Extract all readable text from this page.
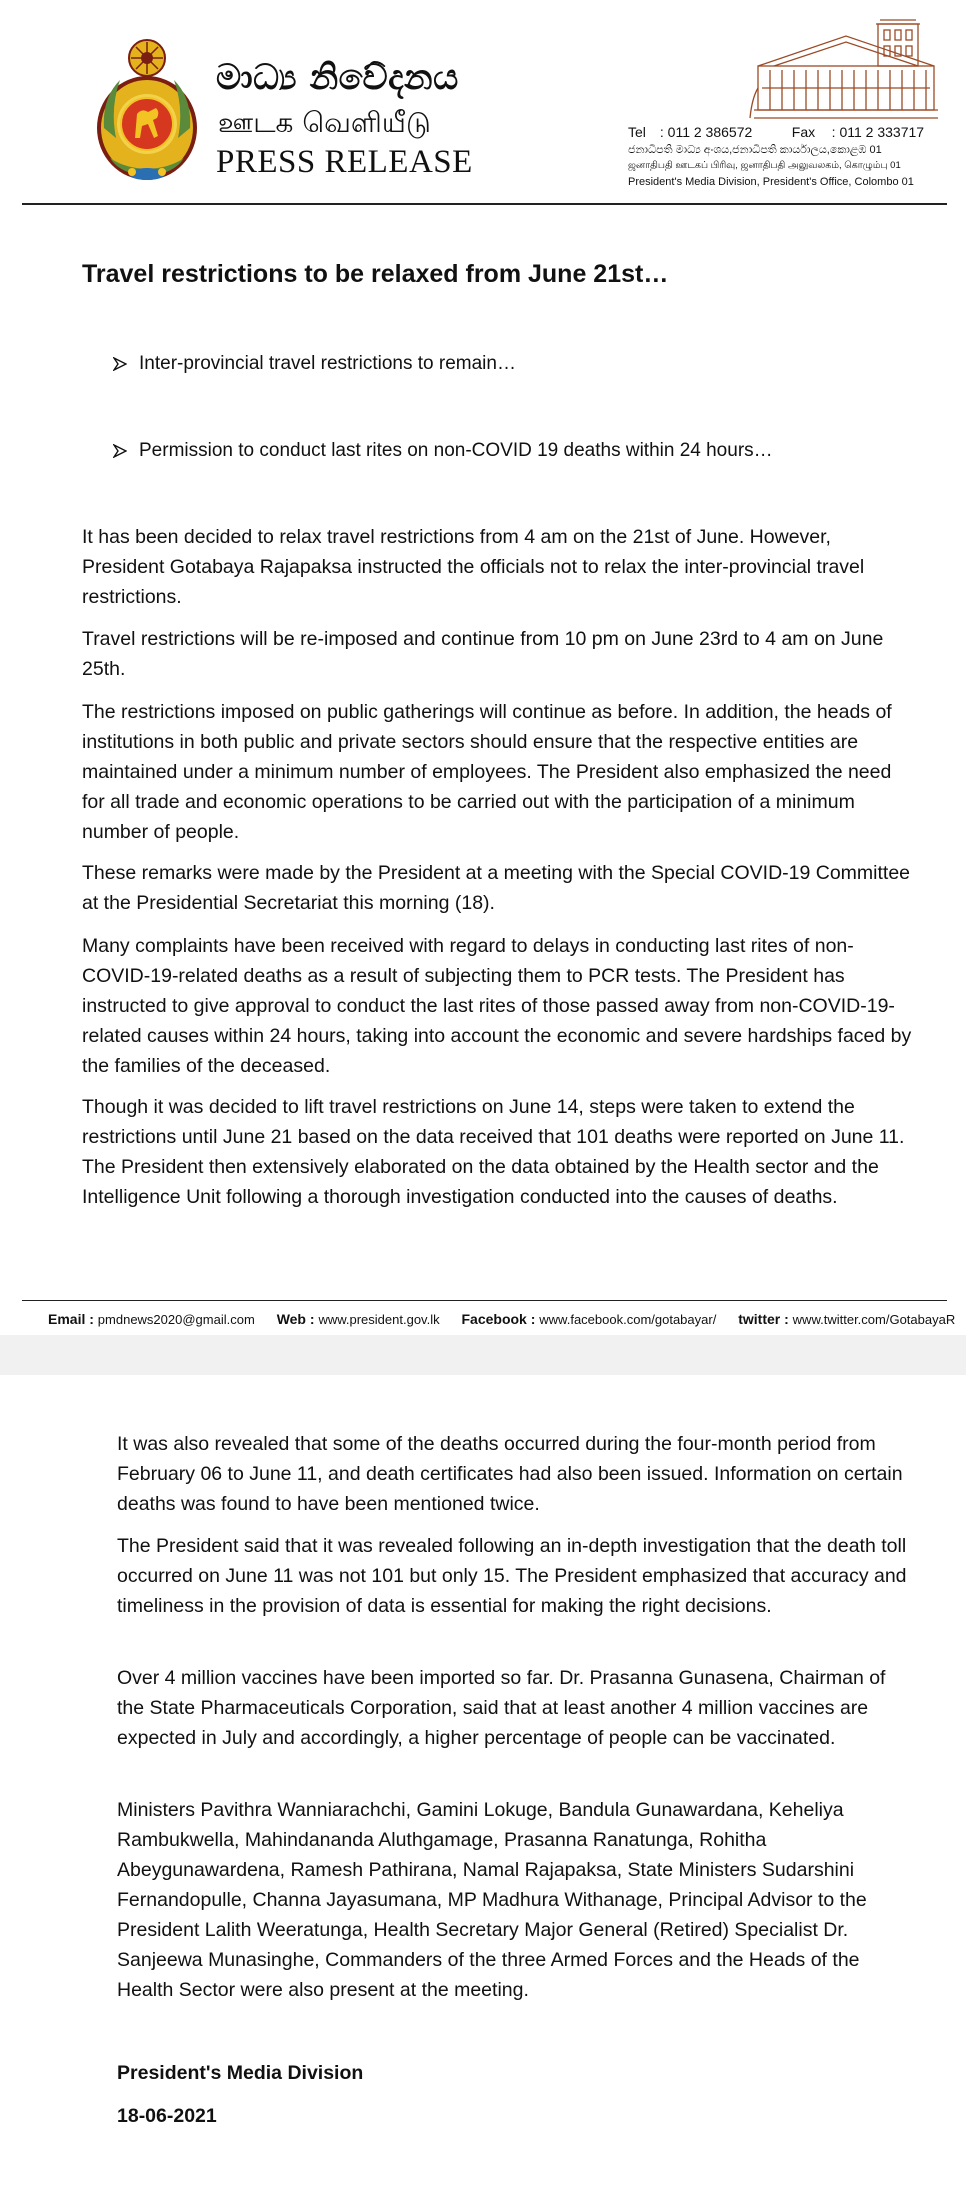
මාධ්‍ය නිවේදනය
ஊடக வெளியீடு
PRESS RELEASE
Tel : 011 2 386572	Fax : 011 2 333717
ජනාධිපති මාධ්‍ය අංශය,ජනාධිපති කාර්යාලය,කොළඹ 01
ஜனாதிபதி ஊடகப் பிரிவு, ஜனாதிபதி அலுவலகம், கொழும்பு 01
President's Media Division, President's Office, Colombo 01
Travel restrictions to be relaxed from June 21st…
Inter-provincial travel restrictions to remain…
Permission to conduct last rites on non-COVID 19 deaths within 24 hours…

It has been decided to relax travel restrictions from 4 am on the 21st of June. However, President Gotabaya Rajapaksa instructed the officials not to relax the inter-provincial travel restrictions.

Travel restrictions will be re-imposed and continue from 10 pm on June 23rd to 4 am on June 25th.

The restrictions imposed on public gatherings will continue as before. In addition, the heads of institutions in both public and private sectors should ensure that the respective entities are maintained under a minimum number of employees. The President also emphasized the need for all trade and economic operations to be carried out with the participation of a minimum number of people.

These remarks were made by the President at a meeting with the Special COVID-19 Committee at the Presidential Secretariat this morning (18).

Many complaints have been received with regard to delays in conducting last rites of non-COVID-19-related deaths as a result of subjecting them to PCR tests. The President has instructed to give approval to conduct the last rites of those passed away from non-COVID-19-related causes within 24 hours, taking into account the economic and severe hardships faced by the families of the deceased.

Though it was decided to lift travel restrictions on June 14, steps were taken to extend the restrictions until June 21 based on the data received that 101 deaths were reported on June 11. The President then extensively elaborated on the data obtained by the Health sector and the Intelligence Unit following a thorough investigation conducted into the causes of deaths.

Email : pmdnews2020@gmail.com Web : www.president.gov.lk Facebook : www.facebook.com/gotabayar/ twitter : www.twitter.com/GotabayaR

It was also revealed that some of the deaths occurred during the four-month period from February 06 to June 11, and death certificates had also been issued. Information on certain deaths was found to have been mentioned twice.

The President said that it was revealed following an in-depth investigation that the death toll occurred on June 11 was not 101 but only 15. The President emphasized that accuracy and timeliness in the provision of data is essential for making the right decisions.

Over 4 million vaccines have been imported so far. Dr. Prasanna Gunasena, Chairman of the State Pharmaceuticals Corporation, said that at least another 4 million vaccines are expected in July and accordingly, a higher percentage of people can be vaccinated.

Ministers Pavithra Wanniarachchi, Gamini Lokuge, Bandula Gunawardana, Keheliya Rambukwella, Mahindananda Aluthgamage, Prasanna Ranatunga, Rohitha Abeygunawardena, Ramesh Pathirana, Namal Rajapaksa, State Ministers Sudarshini Fernandopulle, Channa Jayasumana, MP Madhura Withanage, Principal Advisor to the President Lalith Weeratunga, Health Secretary Major General (Retired) Specialist Dr. Sanjeewa Munasinghe, Commanders of the three Armed Forces and the Heads of the Health Sector were also present at the meeting.

President's Media Division
18-06-2021
